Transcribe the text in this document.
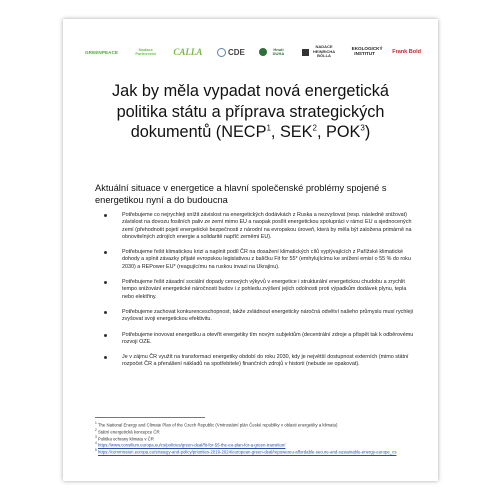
GREENPEACE
Nadace Partnerství CALLA	CDE	Hnutí DUHA
NADACE HEINRICHA BÖLLA
EKOLOGICKÝ INSTITUT	Frank Bold
Jak by měla vypadat nová energetická politika státu a příprava strategických dokumentů (NECP$^1$, SEK$^2$, POK$^3$)
Aktuální situace v energetice a hlavní společenské problémy spojené s energetikou nyní a do budoucna
Potřebujeme co nejrychleji snížit závislost na energetických dodávkách z Ruska a nezvyšovat (resp. následně snižovat) závislost na dovozu fosilních paliv ze zemí mimo EU a naopak posílit energetickou spolupráci v rámci EU a sjednocených zemí (přehodnotit pojetí energetické bezpečnosti z národní na evropskou úroveň, která by měla být založena primárně na obnovitelných zdrojích energie a solidaritě napříč zeměmi EU).
Potřebujeme řešit klimatickou krizi a naplnit podíl ČR na dosažení klimatických cílů vyplývajících z Pařížské klimatické dohody a splnit závazky přijaté evropskou legislativou z balíčku Fit for 55* (emhylujícímu ke snížení emisí o 55 % do roku 2030) a REPower EU* (reagujícímu na ruskou invazi na Ukrajinu).
Potřebujeme řešit zásadní sociální dopady cenových výkyvů v energetice i strukturální energetickou chudobu a zrychlit tempo snižování energetické náročnosti budov i z pohledu zvýšení jejich odolnosti proti výpadkům dodávek plynu, tepla nebo elektřiny.
Potřebujeme zachovat konkurenceschopnost, takže zvládnout energeticky náročná odvětví našeho průmyslu musí rychleji zvyšovat svoji energetickou efektivitu.
Potřebujeme inovovat energetiku a otevřít energetiky tím novým subjektům (decentrální zdroje a přispět tak k odběrovému rozvoji OZE.
Je v zájmu ČR využít na transformaci energetiky období do roku 2030, kdy je největší dostupnost externích (mimo státní rozpočet ČR a přenášení nákladů na spotřebitele) finančních zdrojů v historii (nebude se opakovat).
$^1$ The National Energy and Climate Plan of the Czech Republic (Vnitrostátní plán České republiky v oblasti energetiky a klimatu)
$^2$ Státní energetická koncepce ČR
$^3$ Politika ochrany klimatu v ČR
$^4$ https://www.consilium.europa.eu/cs/policies/green-deal/fit-for-55-the-eu-plan-for-a-green-transition/
$^5$ https://commission.europa.eu/strategy-and-policy/priorities-2019-2024/european-green-deal/repowereu-affordable-secure-and-sustainable-energy-europe_cs
